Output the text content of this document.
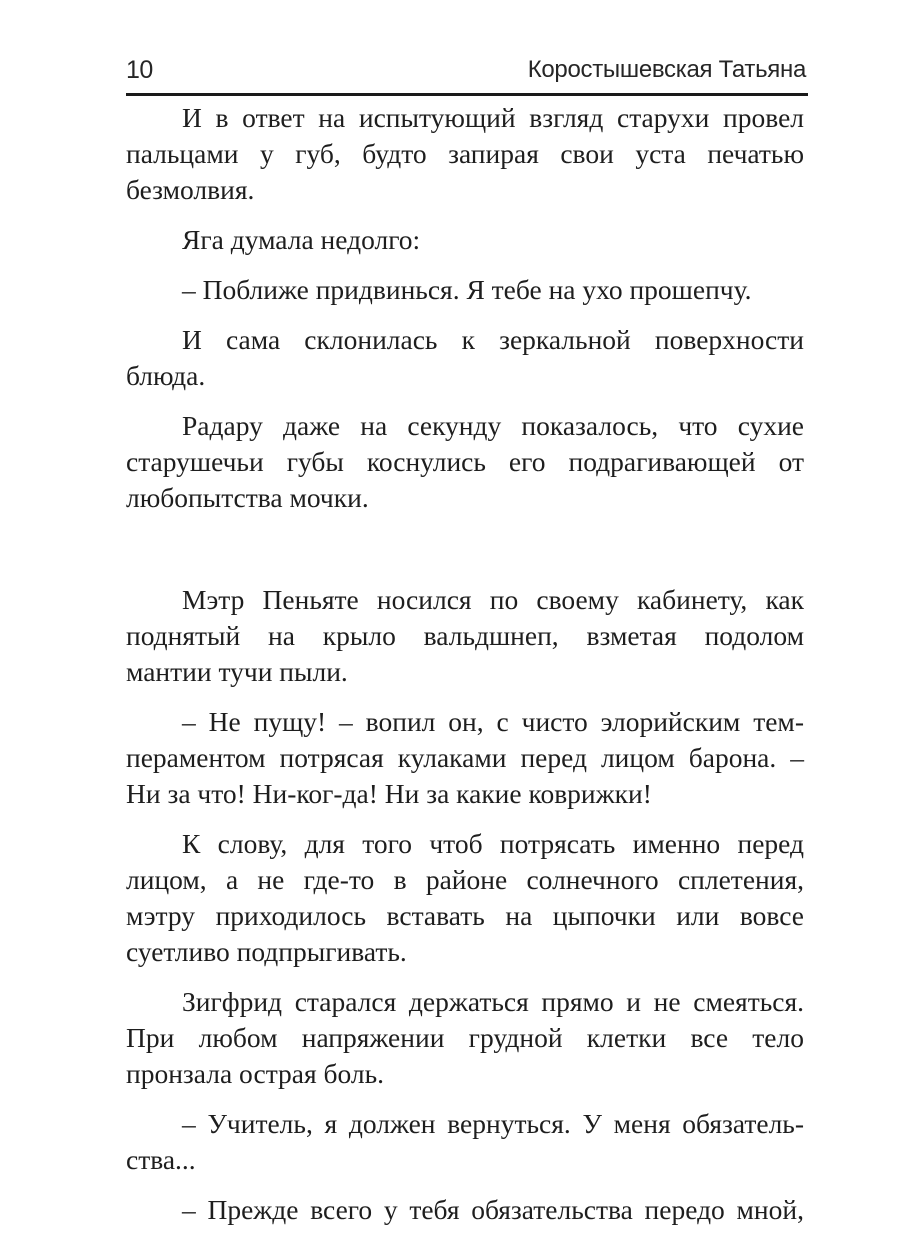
10	Коростышевская Татьяна
И в ответ на испытующий взгляд старухи провел
пальцами у губ, будто запирая свои уста печатью
безмолвия.
Яга думала недолго:
– Поближе придвинься. Я тебе на ухо прошепчу.
И сама склонилась к зеркальной поверхности
блюда.
Радару даже на секунду показалось, что сухие
старушечьи губы коснулись его подрагивающей от
любопытства мочки.
Мэтр Пеньяте носился по своему кабинету, как
поднятый на крыло вальдшнеп, взметая подолом
мантии тучи пыли.
– Не пущу! – вопил он, с чисто элорийским тем-
пераментом потрясая кулаками перед лицом барона. –
Ни за что! Ни-ког-да! Ни за какие коврижки!
К слову, для того чтоб потрясать именно перед
лицом, а не где-то в районе солнечного сплетения,
мэтру приходилось вставать на цыпочки или вовсе
суетливо подпрыгивать.
Зигфрид старался держаться прямо и не смеяться.
При любом напряжении грудной клетки все тело
пронзала острая боль.
– Учитель, я должен вернуться. У меня обязатель-
ства...
– Прежде всего у тебя обязательства передо мной,
